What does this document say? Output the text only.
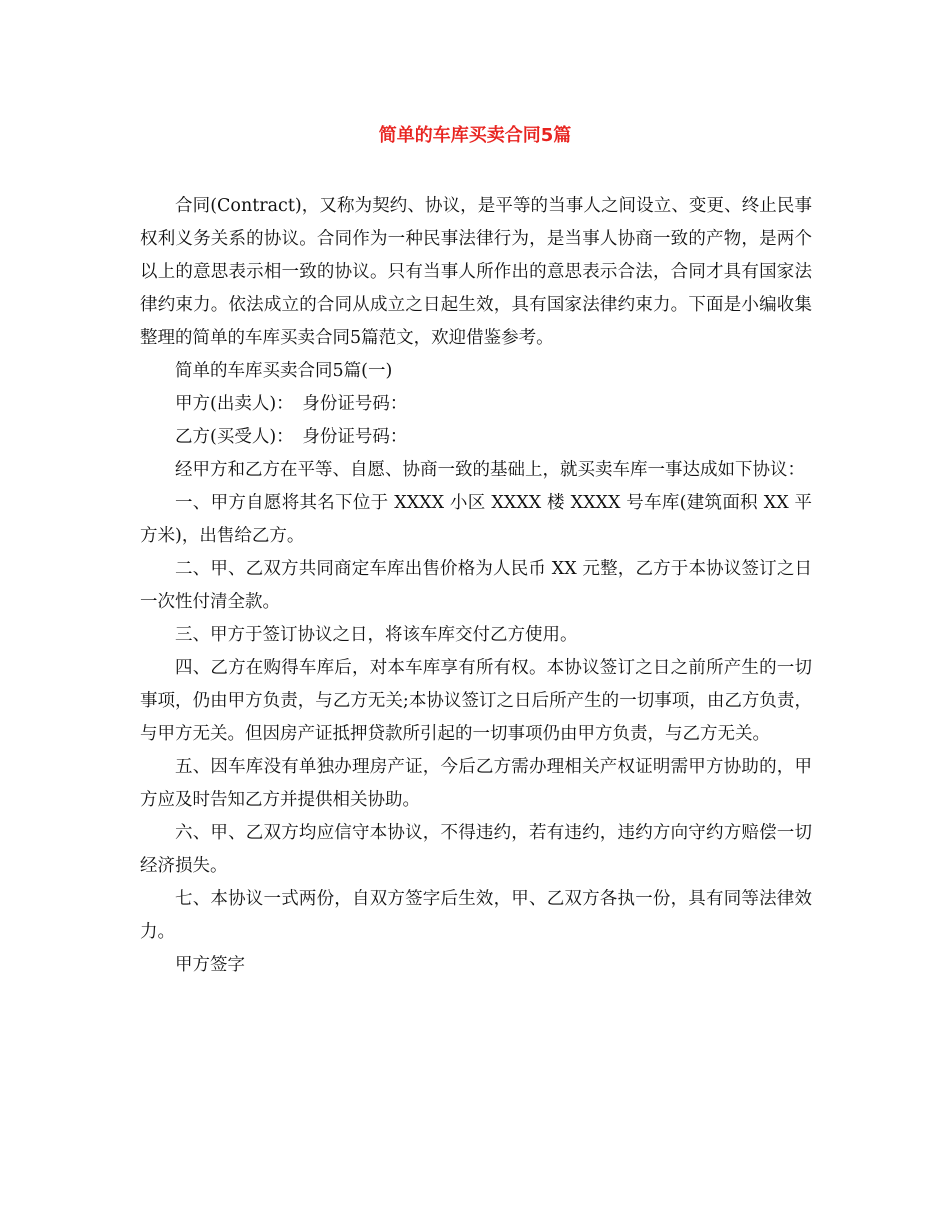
简单的车库买卖合同5篇

合同(Contract)，又称为契约、协议，是平等的当事人之间设立、变更、终止民事权利义务关系的协议。合同作为一种民事法律行为，是当事人协商一致的产物，是两个以上的意思表示相一致的协议。只有当事人所作出的意思表示合法，合同才具有国家法律约束力。依法成立的合同从成立之日起生效，具有国家法律约束力。下面是小编收集整理的简单的车库买卖合同5篇范文，欢迎借鉴参考。

简单的车库买卖合同5篇(一)

甲方(出卖人)：　身份证号码：

乙方(买受人)：　身份证号码：

经甲方和乙方在平等、自愿、协商一致的基础上，就买卖车库一事达成如下协议：

一、甲方自愿将其名下位于 XXXX 小区 XXXX 楼 XXXX 号车库(建筑面积 XX 平方米)，出售给乙方。

二、甲、乙双方共同商定车库出售价格为人民币 XX 元整，乙方于本协议签订之日一次性付清全款。

三、甲方于签订协议之日，将该车库交付乙方使用。

四、乙方在购得车库后，对本车库享有所有权。本协议签订之日之前所产生的一切事项，仍由甲方负责，与乙方无关;本协议签订之日后所产生的一切事项，由乙方负责，与甲方无关。但因房产证抵押贷款所引起的一切事项仍由甲方负责，与乙方无关。

五、因车库没有单独办理房产证，今后乙方需办理相关产权证明需甲方协助的，甲方应及时告知乙方并提供相关协助。

六、甲、乙双方均应信守本协议，不得违约，若有违约，违约方向守约方赔偿一切经济损失。

七、本协议一式两份，自双方签字后生效，甲、乙双方各执一份，具有同等法律效力。

甲方签字
